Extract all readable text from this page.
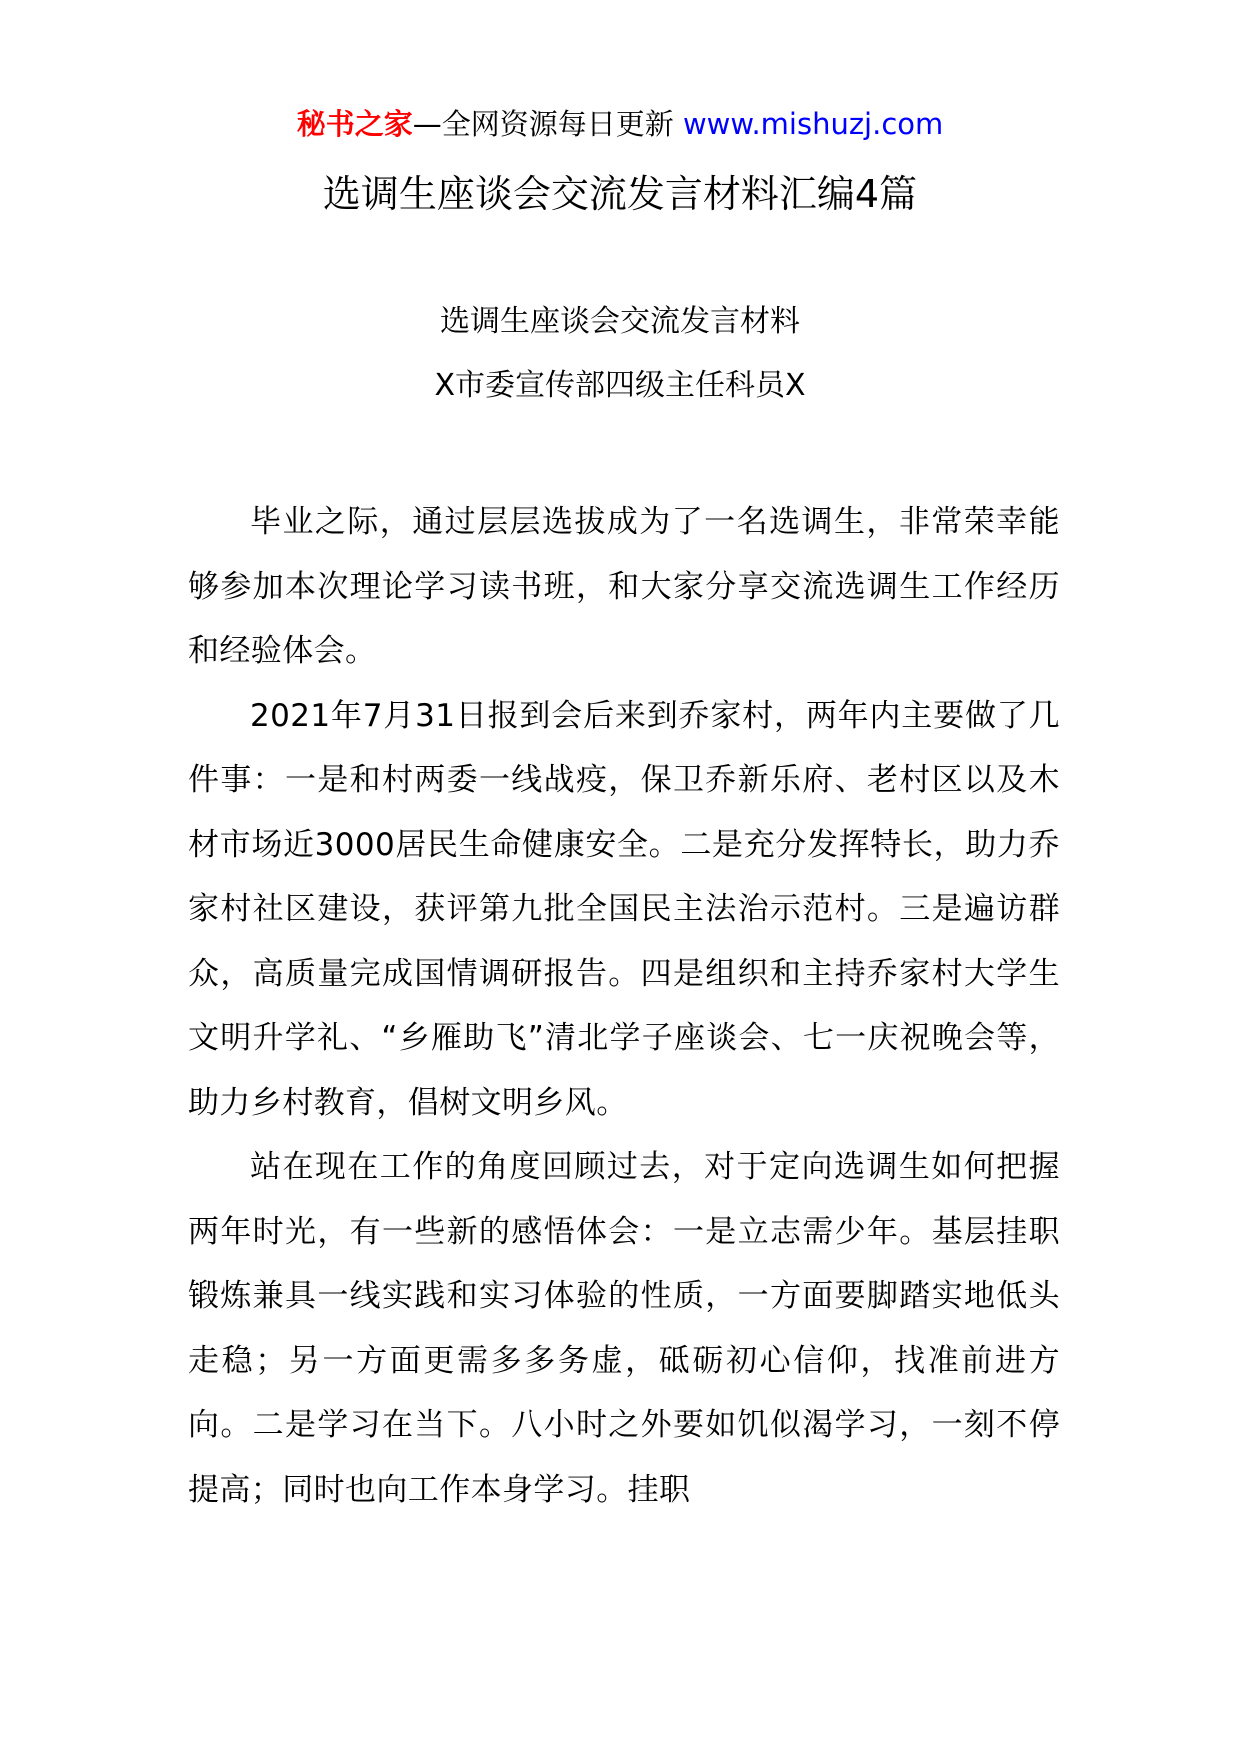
秘书之家—全网资源每日更新 www.mishuzj.com
选调生座谈会交流发言材料汇编4篇
选调生座谈会交流发言材料
X市委宣传部四级主任科员X

毕业之际，通过层层选拔成为了一名选调生，非常荣幸能够参加本次理论学习读书班，和大家分享交流选调生工作经历和经验体会。

2021年7月31日报到会后来到乔家村，两年内主要做了几件事：一是和村两委一线战疫，保卫乔新乐府、老村区以及木材市场近3000居民生命健康安全。二是充分发挥特长，助力乔家村社区建设，获评第九批全国民主法治示范村。三是遍访群众，高质量完成国情调研报告。四是组织和主持乔家村大学生文明升学礼、“乡雁助飞”清北学子座谈会、七一庆祝晚会等，助力乡村教育，倡树文明乡风。

站在现在工作的角度回顾过去，对于定向选调生如何把握两年时光，有一些新的感悟体会：一是立志需少年。基层挂职锻炼兼具一线实践和实习体验的性质，一方面要脚踏实地低头走稳；另一方面更需多多务虚，砥砺初心信仰，找准前进方向。二是学习在当下。八小时之外要如饥似渴学习，一刻不停提高；同时也向工作本身学习。挂职
